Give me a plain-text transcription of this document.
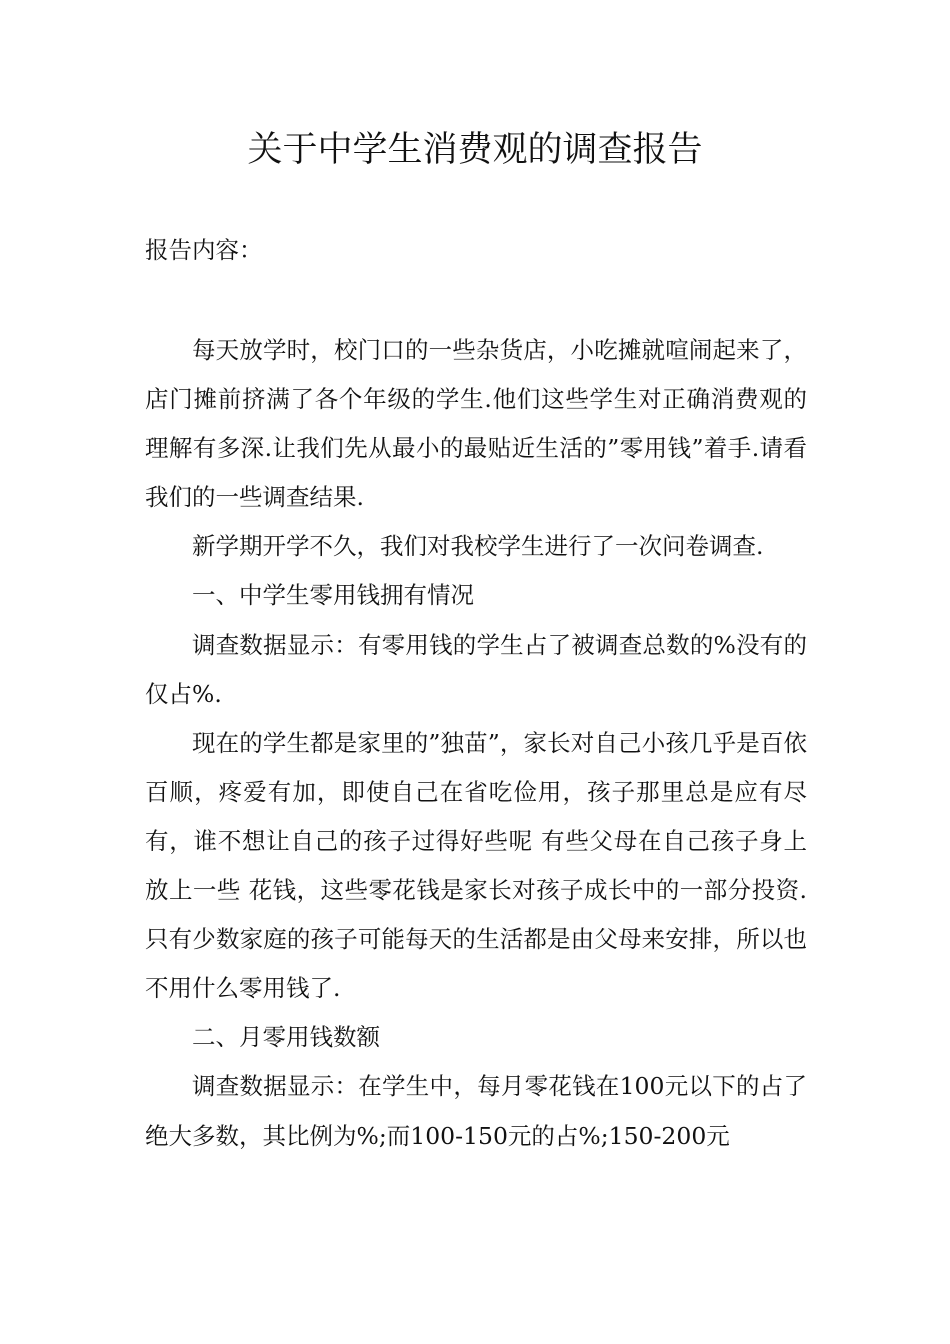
关于中学生消费观的调查报告
报告内容：

每天放学时，校门口的一些杂货店，小吃摊就喧闹起来了，店门摊前挤满了各个年级的学生.他们这些学生对正确消费观的理解有多深.让我们先从最小的最贴近生活的”零用钱”着手.请看我们的一些调查结果.

新学期开学不久，我们对我校学生进行了一次问卷调查.

一、中学生零用钱拥有情况

调查数据显示：有零用钱的学生占了被调查总数的%没有的仅占%.

现在的学生都是家里的”独苗”，家长对自己小孩几乎是百依百顺，疼爱有加，即使自己在省吃俭用，孩子那里总是应有尽有，谁不想让自己的孩子过得好些呢 有些父母在自己孩子身上放上一些 花钱，这些零花钱是家长对孩子成长中的一部分投资.只有少数家庭的孩子可能每天的生活都是由父母来安排，所以也不用什么零用钱了.

二、月零用钱数额

调查数据显示：在学生中，每月零花钱在100元以下的占了绝大多数，其比例为%;而100-150元的占%;150-200元
